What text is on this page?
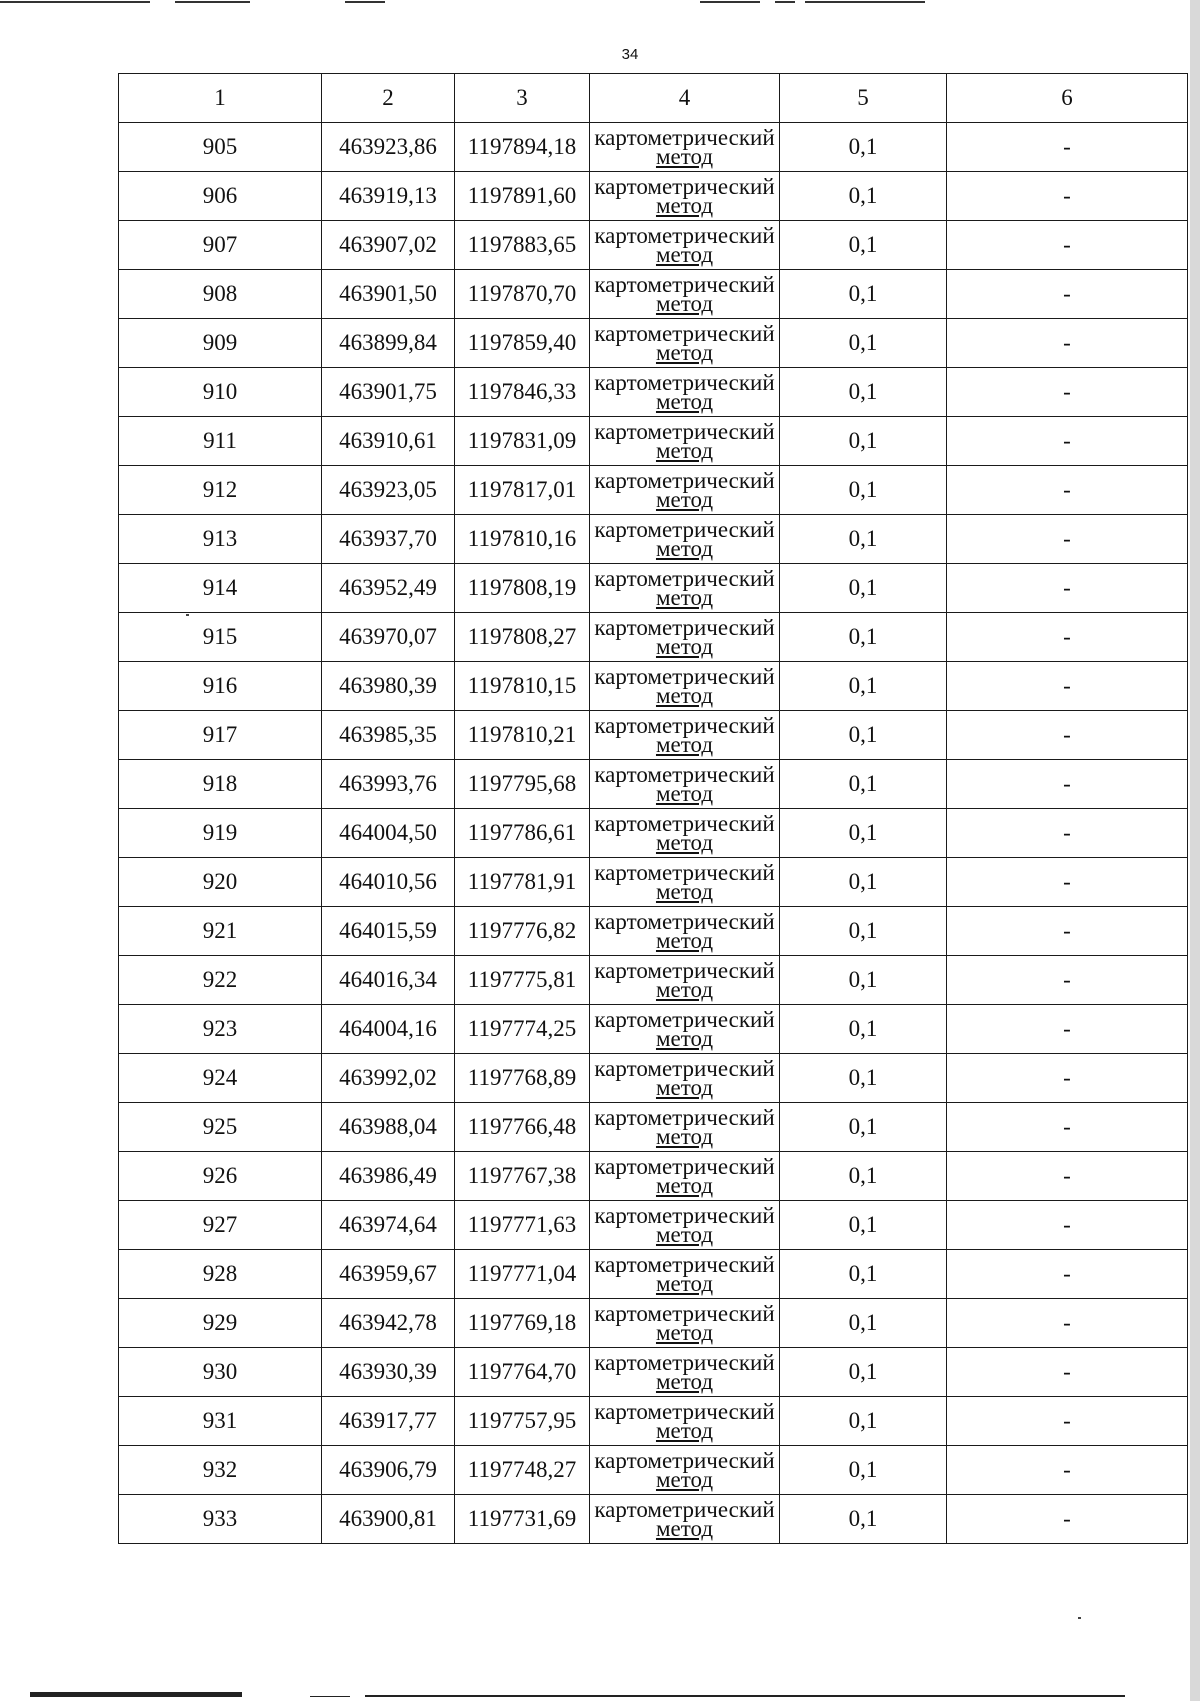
34
1	2	3	4	5	6
905	463923,86	1197894,18	картометрический
метод	0,1	-
906	463919,13	1197891,60	картометрический
метод	0,1	-
907	463907,02	1197883,65	картометрический
метод	0,1	-
908	463901,50	1197870,70	картометрический
метод	0,1	-
909	463899,84	1197859,40	картометрический
метод	0,1	-
910	463901,75	1197846,33	картометрический
метод	0,1	-
911	463910,61	1197831,09	картометрический
метод	0,1	-
912	463923,05	1197817,01	картометрический
метод	0,1	-
913	463937,70	1197810,16	картометрический
метод	0,1	-
914	463952,49	1197808,19	картометрический
метод	0,1	-
915	463970,07	1197808,27	картометрический
метод	0,1	-
916	463980,39	1197810,15	картометрический
метод	0,1	-
917	463985,35	1197810,21	картометрический
метод	0,1	-
918	463993,76	1197795,68	картометрический
метод	0,1	-
919	464004,50	1197786,61	картометрический
метод	0,1	-
920	464010,56	1197781,91	картометрический
метод	0,1	-
921	464015,59	1197776,82	картометрический
метод	0,1	-
922	464016,34	1197775,81	картометрический
метод	0,1	-
923	464004,16	1197774,25	картометрический
метод	0,1	-
924	463992,02	1197768,89	картометрический
метод	0,1	-
925	463988,04	1197766,48	картометрический
метод	0,1	-
926	463986,49	1197767,38	картометрический
метод	0,1	-
927	463974,64	1197771,63	картометрический
метод	0,1	-
928	463959,67	1197771,04	картометрический
метод	0,1	-
929	463942,78	1197769,18	картометрический
метод	0,1	-
930	463930,39	1197764,70	картометрический
метод	0,1	-
931	463917,77	1197757,95	картометрический
метод	0,1	-
932	463906,79	1197748,27	картометрический
метод	0,1	-
933	463900,81	1197731,69	картометрический
метод	0,1	-
